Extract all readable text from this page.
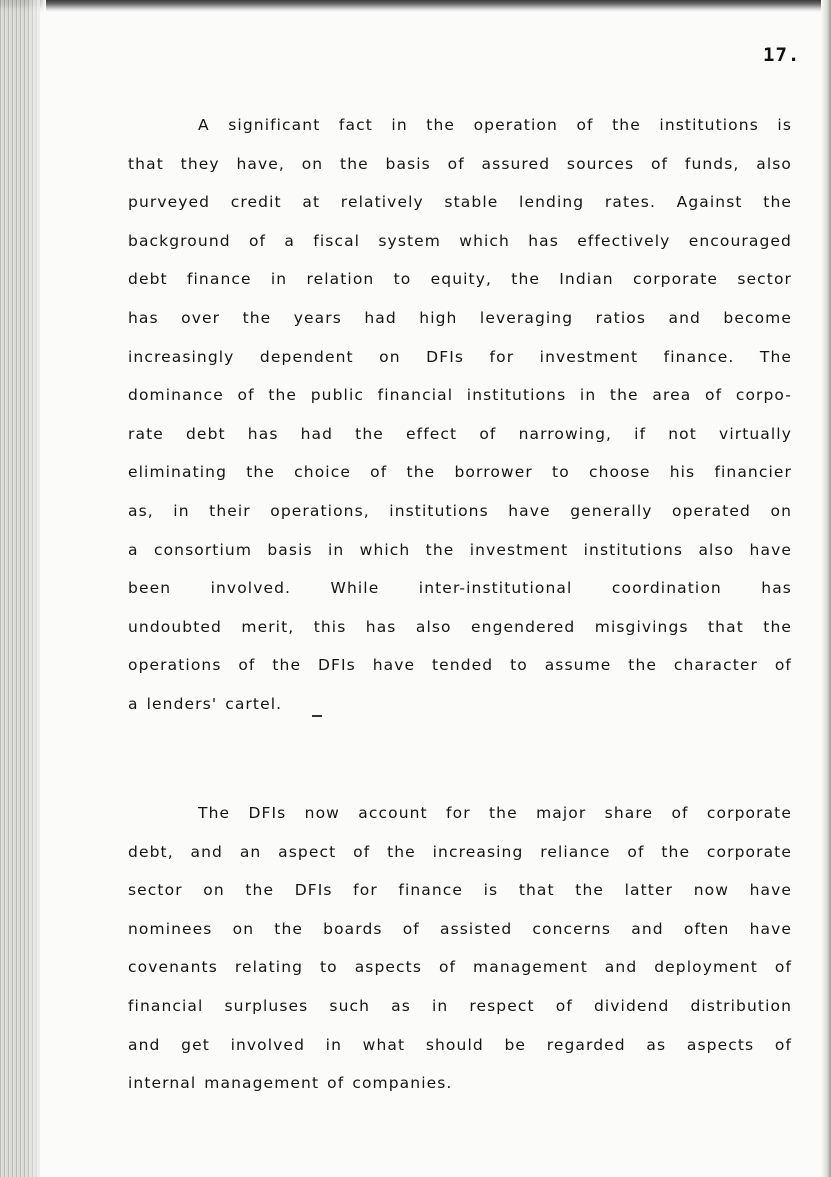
17.
A significant fact in the operation of the institutions is
that they have, on the basis of assured sources of funds, also
purveyed credit at relatively stable lending rates. Against the
background of a fiscal system which has effectively encouraged
debt finance in relation to equity, the Indian corporate sector
has over the years had high leveraging ratios and become
increasingly dependent on DFIs for investment finance. The
dominance of the public financial institutions in the area of corpo-
rate debt has had the effect of narrowing, if not virtually
eliminating the choice of the borrower to choose his financier
as, in their operations, institutions have generally operated on
a consortium basis in which the investment institutions also have
been involved. While inter-institutional coordination has
undoubted merit, this has also engendered misgivings that the
operations of the DFIs have tended to assume the character of
a lenders' cartel.
The DFIs now account for the major share of corporate
debt, and an aspect of the increasing reliance of the corporate
sector on the DFIs for finance is that the latter now have
nominees on the boards of assisted concerns and often have
covenants relating to aspects of management and deployment of
financial surpluses such as in respect of dividend distribution
and get involved in what should be regarded as aspects of
internal management of companies.
